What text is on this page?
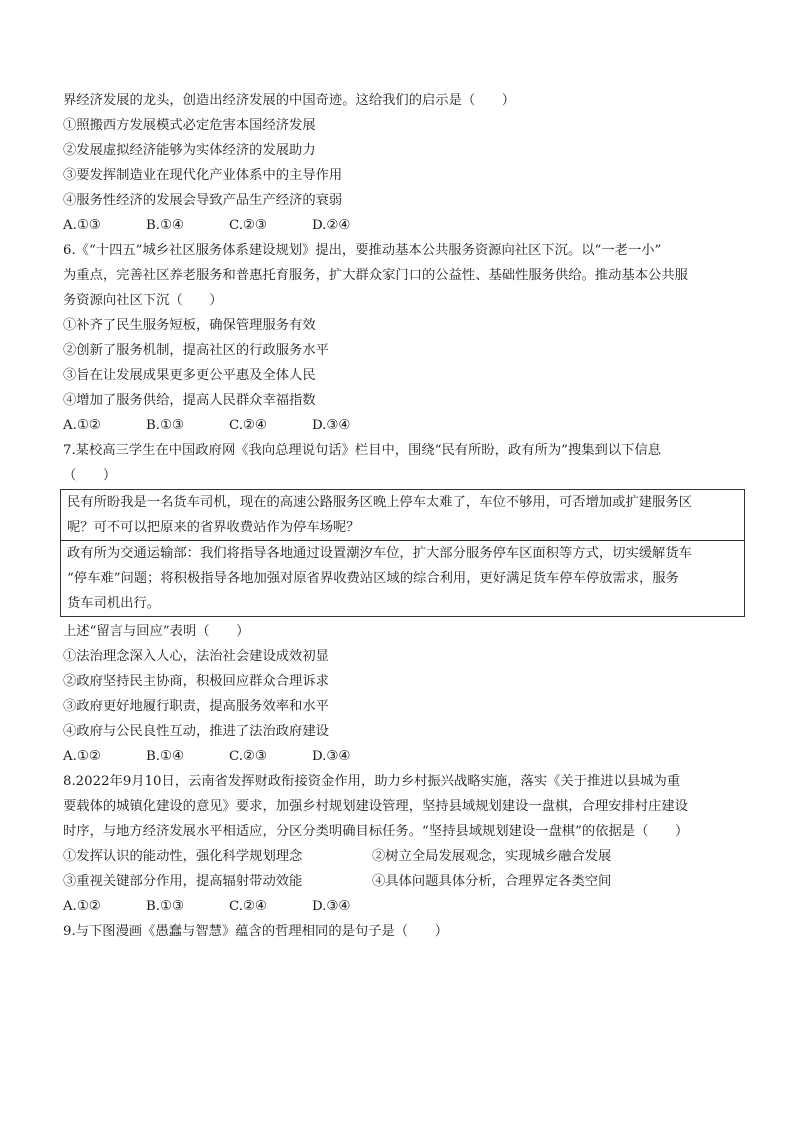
界经济发展的龙头，创造出经济发展的中国奇迹。这给我们的启示是（　　）
①照搬西方发展模式必定危害本国经济发展
②发展虚拟经济能够为实体经济的发展助力
③要发挥制造业在现代化产业体系中的主导作用
④服务性经济的发展会导致产品生产经济的衰弱
A.①③	B.①④	C.②③	D.②④
6.《“十四五”城乡社区服务体系建设规划》提出，要推动基本公共服务资源向社区下沉。以“一老一小”
为重点，完善社区养老服务和普惠托育服务，扩大群众家门口的公益性、基础性服务供给。推动基本公共服
务资源向社区下沉（　　）
①补齐了民生服务短板，确保管理服务有效
②创新了服务机制，提高社区的行政服务水平
③旨在让发展成果更多更公平惠及全体人民
④增加了服务供给，提高人民群众幸福指数
A.①②	B.①③	C.②④	D.③④
7.某校高三学生在中国政府网《我向总理说句话》栏目中，围绕“民有所盼，政有所为”搜集到以下信息
（　　）
民有所盼我是一名货车司机，现在的高速公路服务区晚上停车太难了，车位不够用，可否增加或扩建服务区
呢？可不可以把原来的省界收费站作为停车场呢？
政有所为交通运输部：我们将指导各地通过设置潮汐车位，扩大部分服务停车区面积等方式，切实缓解货车
“停车难”问题；将积极指导各地加强对原省界收费站区域的综合利用，更好满足货车停车停放需求，服务
货车司机出行。
上述“留言与回应”表明（　　）
①法治理念深入人心，法治社会建设成效初显
②政府坚持民主协商，积极回应群众合理诉求
③政府更好地履行职责，提高服务效率和水平
④政府与公民良性互动，推进了法治政府建设
A.①②	B.①④	C.②③	D.③④
8.2022年9月10日，云南省发挥财政衔接资金作用，助力乡村振兴战略实施，落实《关于推进以县城为重
要载体的城镇化建设的意见》要求，加强乡村规划建设管理，坚持县域规划建设一盘棋，合理安排村庄建设
时序，与地方经济发展水平相适应，分区分类明确目标任务。“坚持县域规划建设一盘棋”的依据是（　　）
①发挥认识的能动性，强化科学规划理念	②树立全局发展观念，实现城乡融合发展
③重视关键部分作用，提高辐射带动效能	④具体问题具体分析，合理界定各类空间
A.①②	B.①③	C.②④	D.③④
9.与下图漫画《愚蠢与智慧》蕴含的哲理相同的是句子是（　　）
